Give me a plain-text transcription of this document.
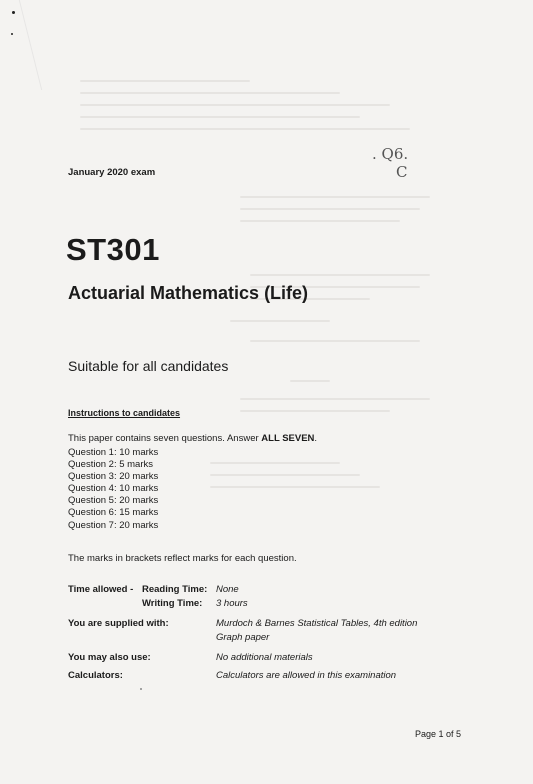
. Q6.
C
January 2020 exam
ST301
Actuarial Mathematics (Life)
Suitable for all candidates
Instructions to candidates
This paper contains seven questions. Answer ALL SEVEN.
Question 1: 10 marks
Question 2: 5 marks
Question 3: 20 marks
Question 4: 10 marks
Question 5: 20 marks
Question 6: 15 marks
Question 7: 20 marks
The marks in brackets reflect marks for each question.
Time allowed - Reading Time: None
Writing Time: 3 hours
You are supplied with:	Murdoch & Barnes Statistical Tables, 4th edition
Graph paper
You may also use:	No additional materials
Calculators:	Calculators are allowed in this examination
Page 1 of 5
